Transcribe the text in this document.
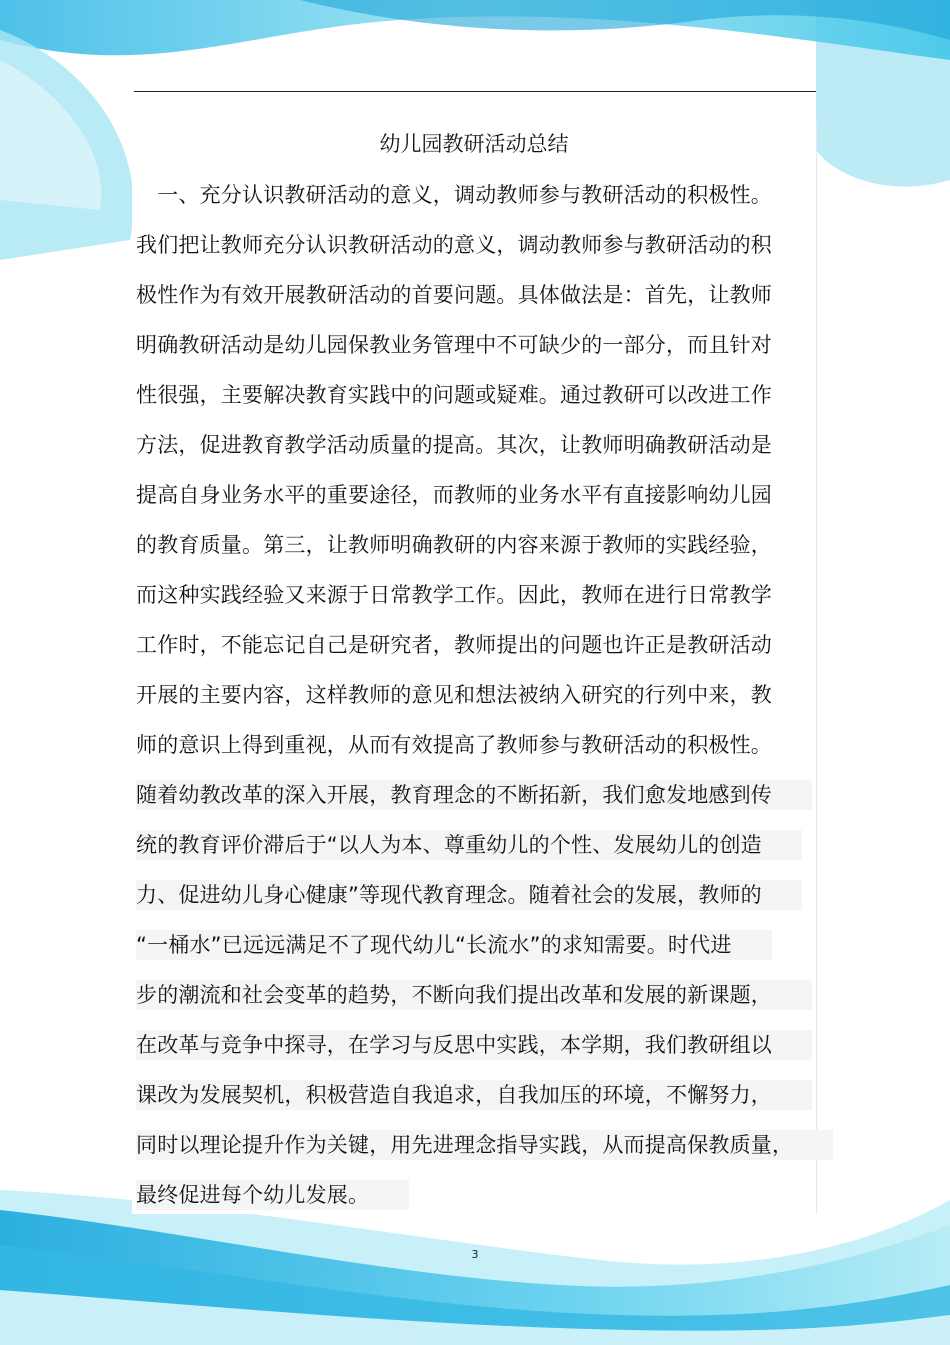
幼儿园教研活动总结
　一、充分认识教研活动的意义，调动教师参与教研活动的积极性。
我们把让教师充分认识教研活动的意义，调动教师参与教研活动的积
极性作为有效开展教研活动的首要问题。具体做法是：首先，让教师
明确教研活动是幼儿园保教业务管理中不可缺少的一部分，而且针对
性很强，主要解决教育实践中的问题或疑难。通过教研可以改进工作
方法，促进教育教学活动质量的提高。其次，让教师明确教研活动是
提高自身业务水平的重要途径，而教师的业务水平有直接影响幼儿园
的教育质量。第三，让教师明确教研的内容来源于教师的实践经验，
而这种实践经验又来源于日常教学工作。因此，教师在进行日常教学
工作时，不能忘记自己是研究者，教师提出的问题也许正是教研活动
开展的主要内容，这样教师的意见和想法被纳入研究的行列中来，教
师的意识上得到重视，从而有效提高了教师参与教研活动的积极性。
随着幼教改革的深入开展，教育理念的不断拓新，我们愈发地感到传
统的教育评价滞后于“以人为本、尊重幼儿的个性、发展幼儿的创造
力、促进幼儿身心健康”等现代教育理念。随着社会的发展，教师的
“一桶水”已远远满足不了现代幼儿“长流水”的求知需要。时代进
步的潮流和社会变革的趋势，不断向我们提出改革和发展的新课题，
在改革与竞争中探寻，在学习与反思中实践，本学期，我们教研组以
课改为发展契机，积极营造自我追求，自我加压的环境，不懈努力，
同时以理论提升作为关键，用先进理念指导实践，从而提高保教质量，
最终促进每个幼儿发展。
3
